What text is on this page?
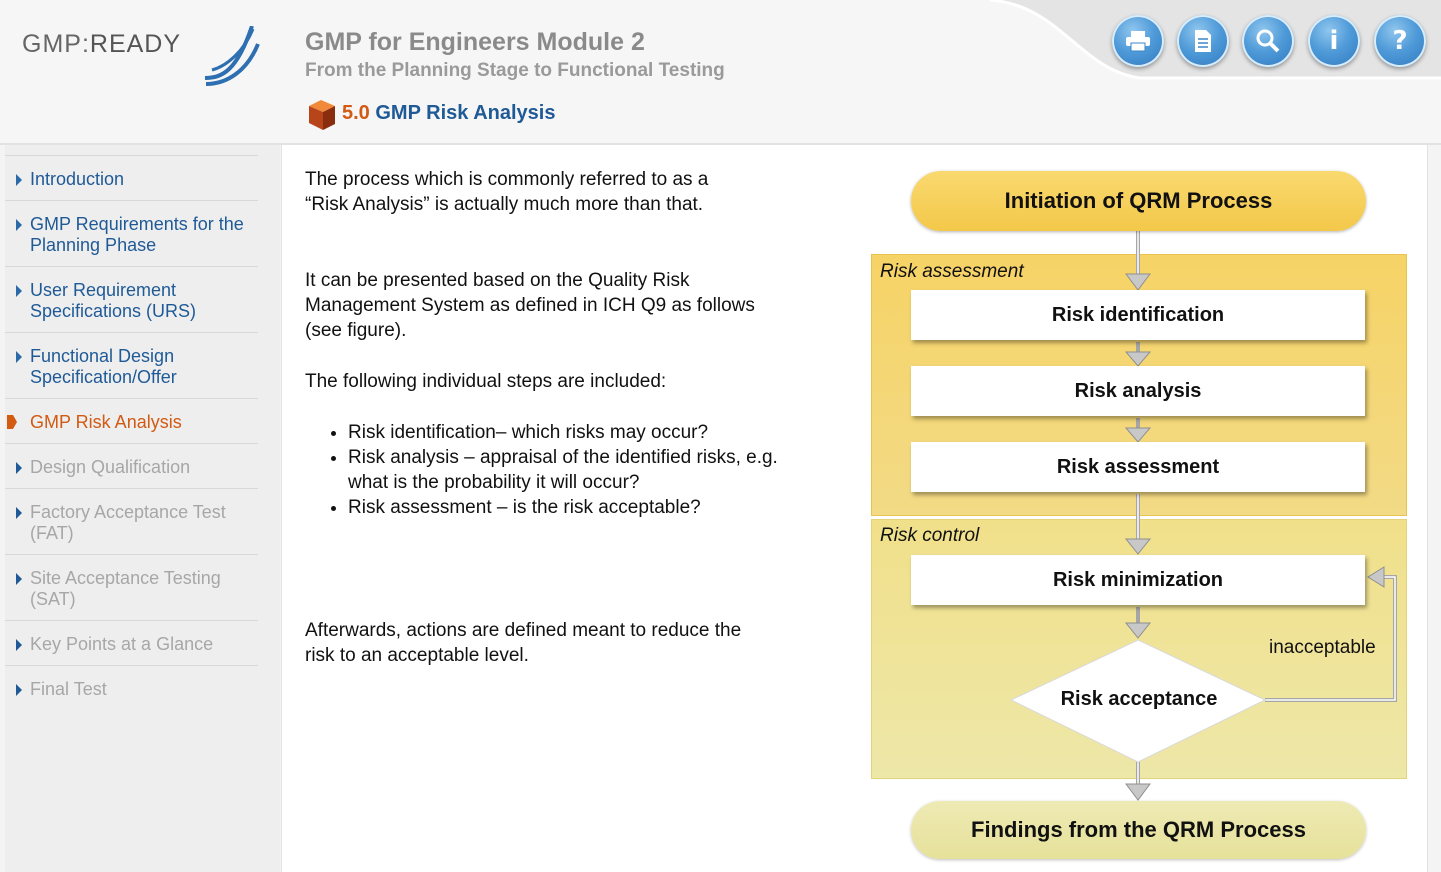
GMP:READY	GMP for Engineers Module 2
From the Planning Stage to Functional Testing
5.0 GMP Risk Analysis
i ?
Introduction
GMP Requirements for the Planning Phase
User Requirement Specifications (URS)
Functional Design Specification/Offer
GMP Risk Analysis
Design Qualification
Factory Acceptance Test (FAT)
Site Acceptance Testing (SAT)
Key Points at a Glance
Final Test

The process which is commonly referred to as a “Risk Analysis” is actually much more than that.

It can be presented based on the Quality Risk Management System as defined in ICH Q9 as follows (see figure).

The following individual steps are included:

• Risk identification– which risks may occur?
• Risk analysis – appraisal of the identified risks, e.g. what is the probability it will occur?
• Risk assessment – is the risk acceptable?

Afterwards, actions are defined meant to reduce the risk to an acceptable level.

Initiation of QRM Process
Risk assessment
Risk identification
Risk analysis
Risk assessment
Risk control
Risk minimization
Risk acceptance
inacceptable
Findings from the QRM Process
